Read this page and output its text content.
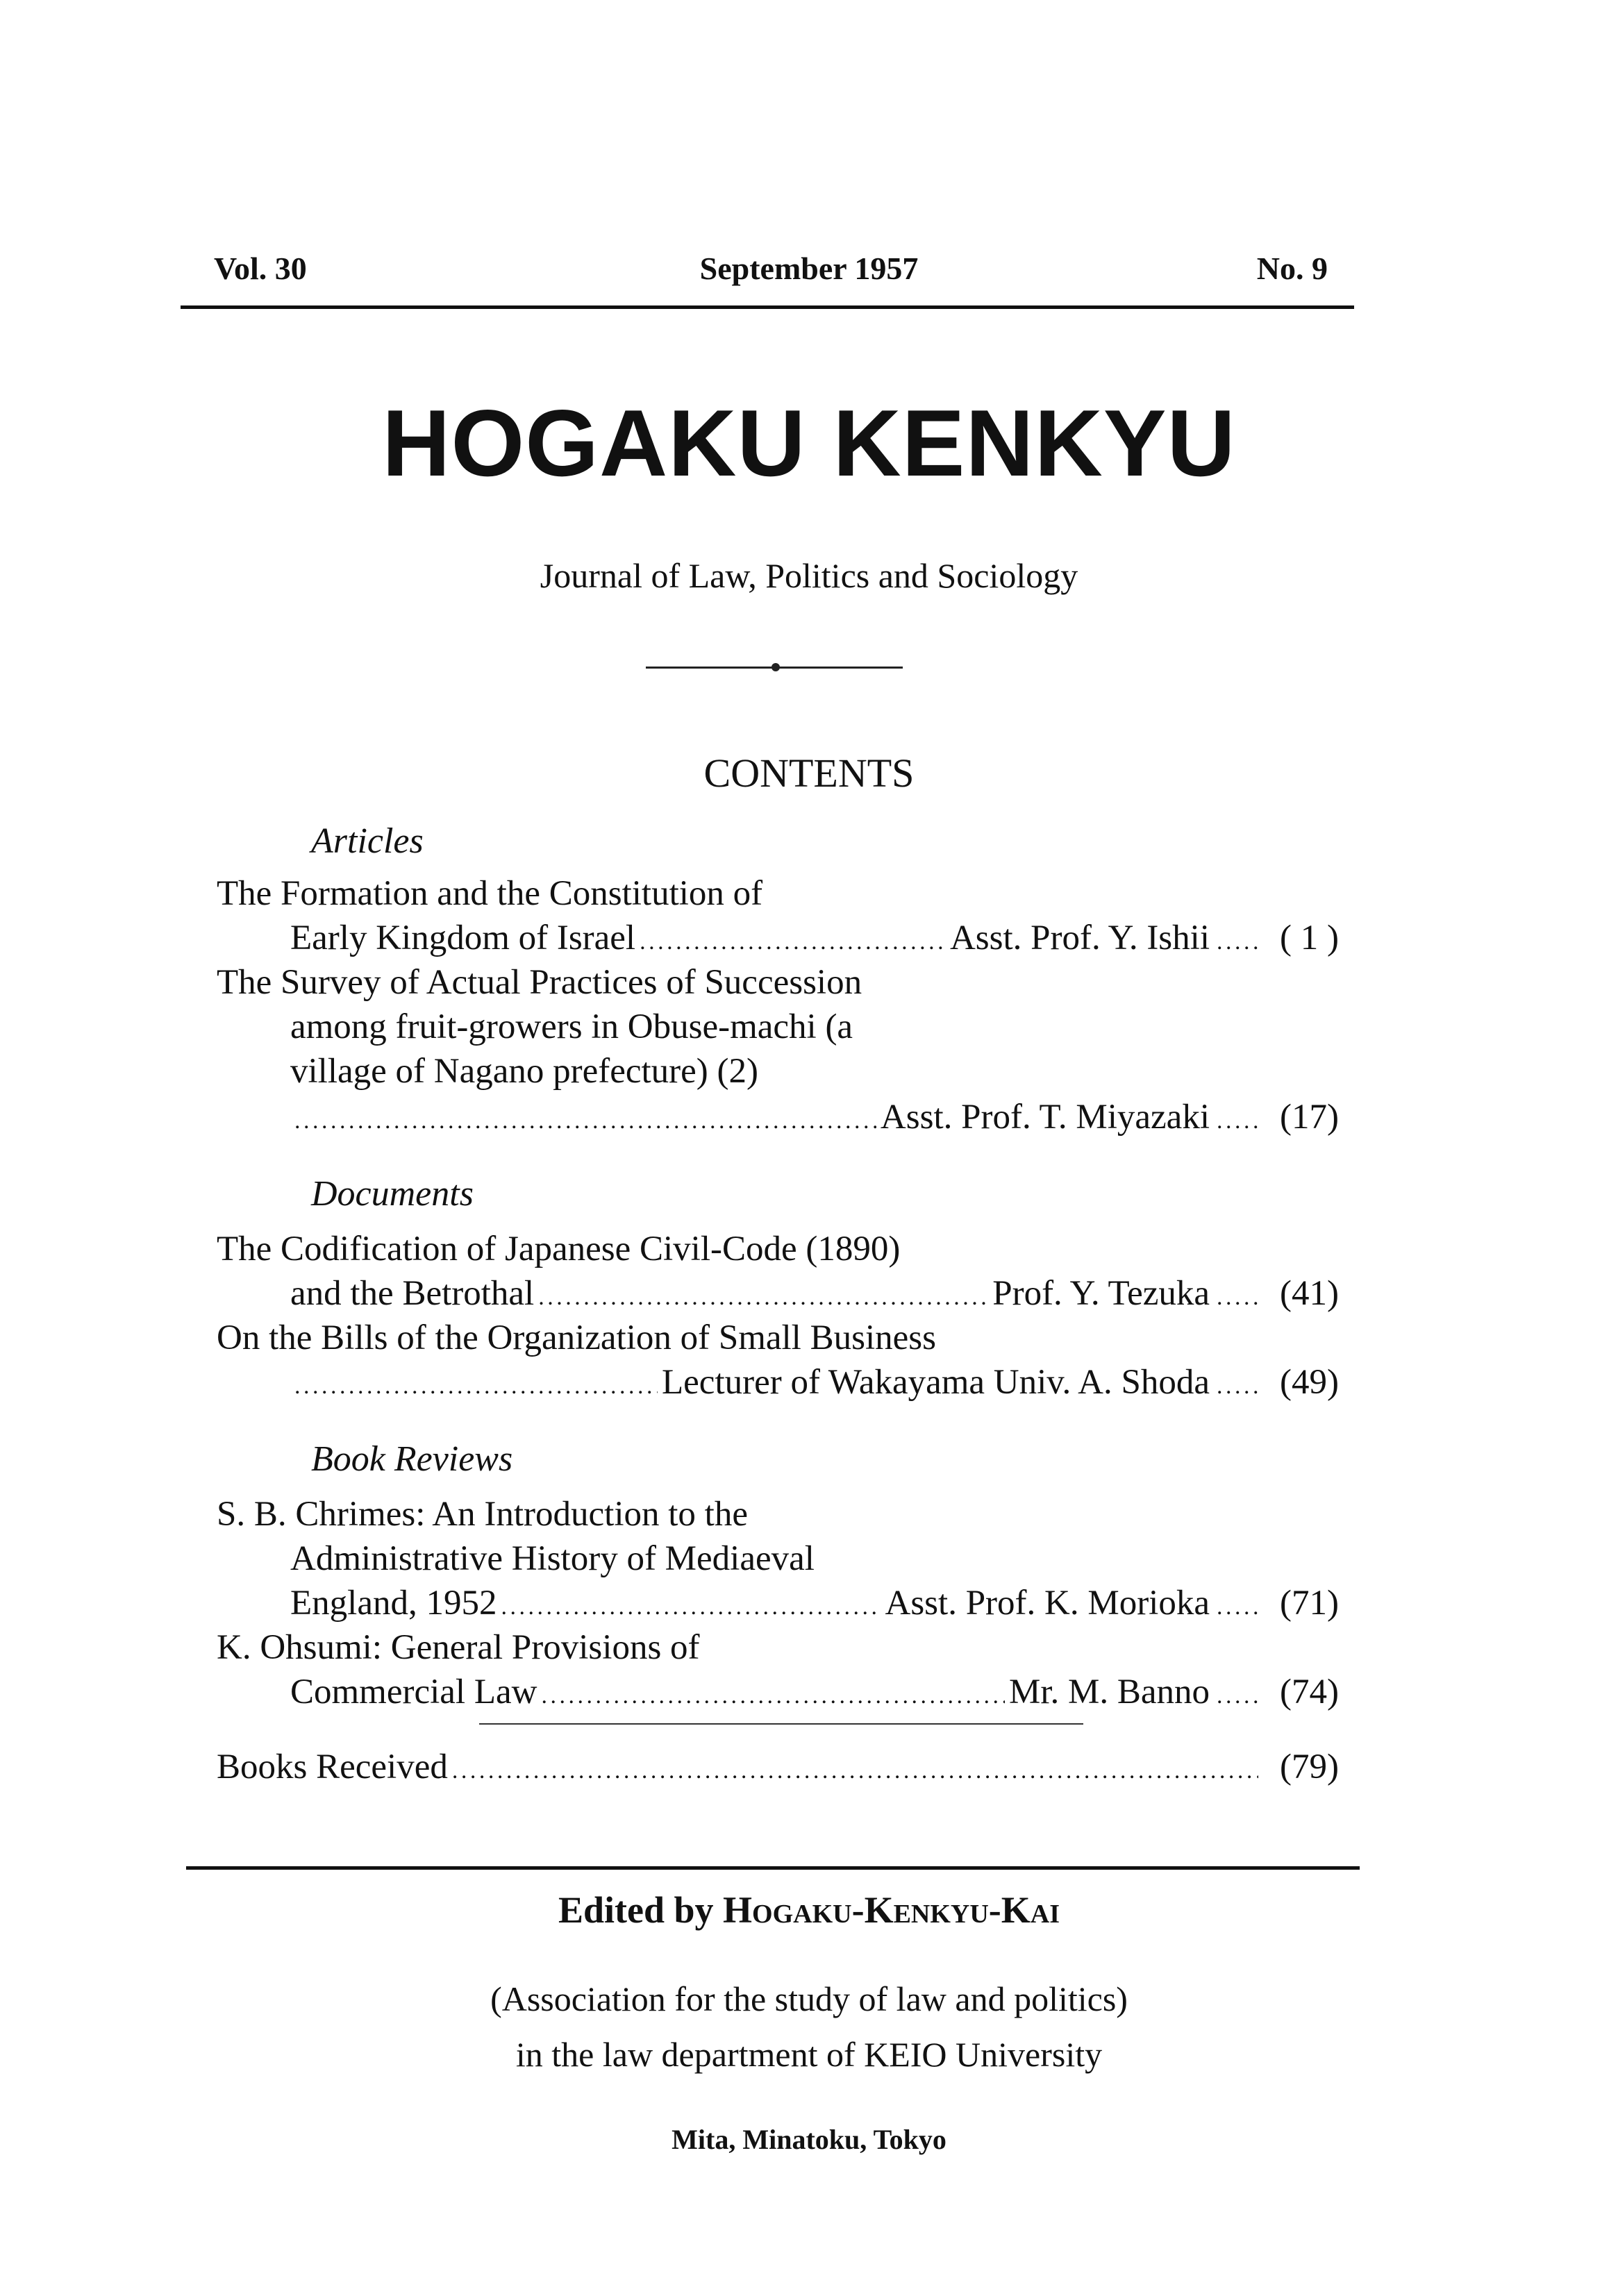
Vol. 30	September 1957	No. 9
HOGAKU KENKYU
Journal of Law, Politics and Sociology
CONTENTS
Articles
The Formation and the Constitution of
Early Kingdom of Israel . . .	Asst. Prof. Y. Ishii . . .	( 1 )
The Survey of Actual Practices of Succession
among fruit-growers in Obuse-machi (a
village of Nagano prefecture) (2)
. . .
Asst. Prof. T. Miyazaki . . .	(17)
Documents
The Codification of Japanese Civil-Code (1890)
and the Betrothal . . .	Prof. Y. Tezuka . . .	(41)
On the Bills of the Organization of Small Business
. . .
Lecturer of Wakayama Univ. A. Shoda . . .	(49)
Book Reviews
S. B. Chrimes: An Introduction to the
Administrative History of Mediaeval
England, 1952 . . .	Asst. Prof. K. Morioka . . .	(71)
K. Ohsumi: General Provisions of
Commercial Law . . .	Mr. M. Banno . . .	(74)
Books Received . . .	(79)
Edited by Hogaku-Kenkyu-Kai
(Association for the study of law and politics)
in the law department of KEIO University
Mita, Minatoku, Tokyo
